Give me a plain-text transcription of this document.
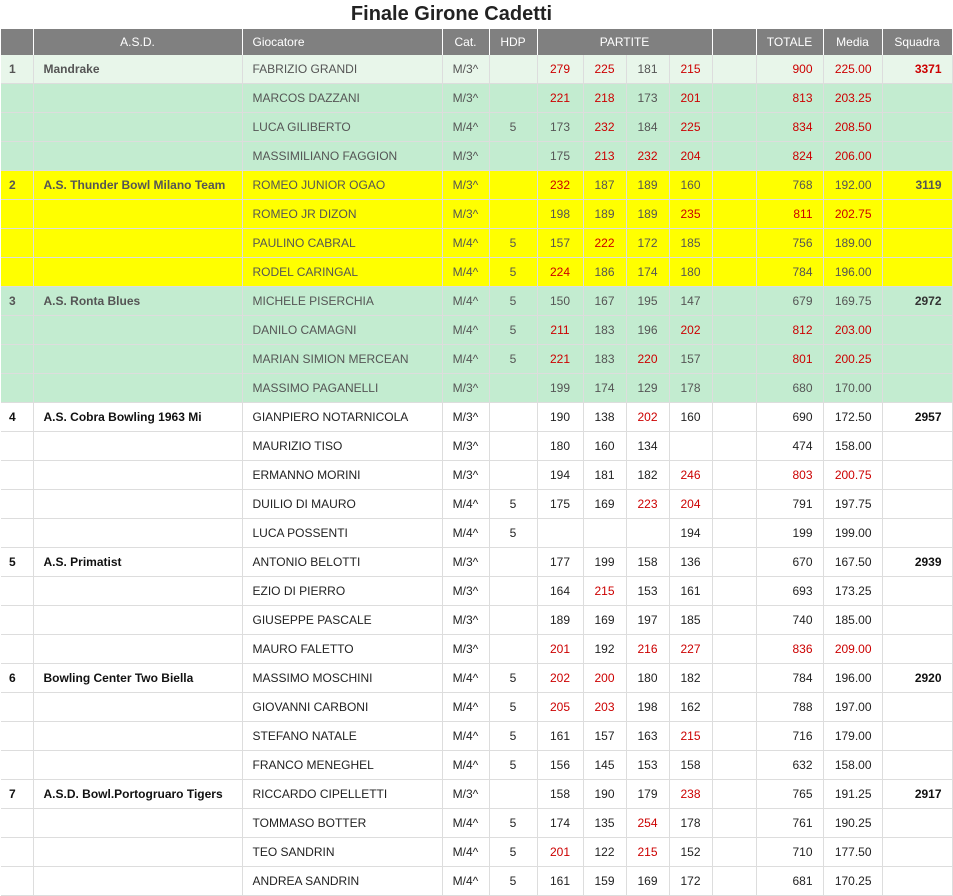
Finale Girone Cadetti
	A.S.D.	Giocatore	Cat.	HDP	PARTITE					TOTALE	Media	Squadra
1	Mandrake	FABRIZIO GRANDI	M/3^		279	225	181	215		900	225.00	3371
		MARCOS DAZZANI	M/3^		221	218	173	201		813	203.25	
		LUCA GILIBERTO	M/4^	5	173	232	184	225		834	208.50	
		MASSIMILIANO FAGGION	M/3^		175	213	232	204		824	206.00	
2	A.S. Thunder Bowl Milano Team	ROMEO JUNIOR OGAO	M/3^		232	187	189	160		768	192.00	3119
		ROMEO JR DIZON	M/3^		198	189	189	235		811	202.75	
		PAULINO CABRAL	M/4^	5	157	222	172	185		756	189.00	
		RODEL CARINGAL	M/4^	5	224	186	174	180		784	196.00	
3	A.S. Ronta Blues	MICHELE PISERCHIA	M/4^	5	150	167	195	147		679	169.75	2972
		DANILO CAMAGNI	M/4^	5	211	183	196	202		812	203.00	
		MARIAN SIMION MERCEAN	M/4^	5	221	183	220	157		801	200.25	
		MASSIMO PAGANELLI	M/3^		199	174	129	178		680	170.00	
4	A.S. Cobra Bowling 1963 Mi	GIANPIERO NOTARNICOLA	M/3^		190	138	202	160		690	172.50	2957
		MAURIZIO TISO	M/3^		180	160	134			474	158.00	
		ERMANNO MORINI	M/3^		194	181	182	246		803	200.75	
		DUILIO DI MAURO	M/4^	5	175	169	223	204		791	197.75	
		LUCA POSSENTI	M/4^	5				194		199	199.00	
5	A.S. Primatist	ANTONIO BELOTTI	M/3^		177	199	158	136		670	167.50	2939
		EZIO DI PIERRO	M/3^		164	215	153	161		693	173.25	
		GIUSEPPE PASCALE	M/3^		189	169	197	185		740	185.00	
		MAURO FALETTO	M/3^		201	192	216	227		836	209.00	
6	Bowling Center Two Biella	MASSIMO MOSCHINI	M/4^	5	202	200	180	182		784	196.00	2920
		GIOVANNI CARBONI	M/4^	5	205	203	198	162		788	197.00	
		STEFANO NATALE	M/4^	5	161	157	163	215		716	179.00	
		FRANCO MENEGHEL	M/4^	5	156	145	153	158		632	158.00	
7	A.S.D. Bowl.Portogruaro Tigers	RICCARDO CIPELLETTI	M/3^		158	190	179	238		765	191.25	2917
		TOMMASO BOTTER	M/4^	5	174	135	254	178		761	190.25	
		TEO SANDRIN	M/4^	5	201	122	215	152		710	177.50	
		ANDREA SANDRIN	M/4^	5	161	159	169	172		681	170.25	
